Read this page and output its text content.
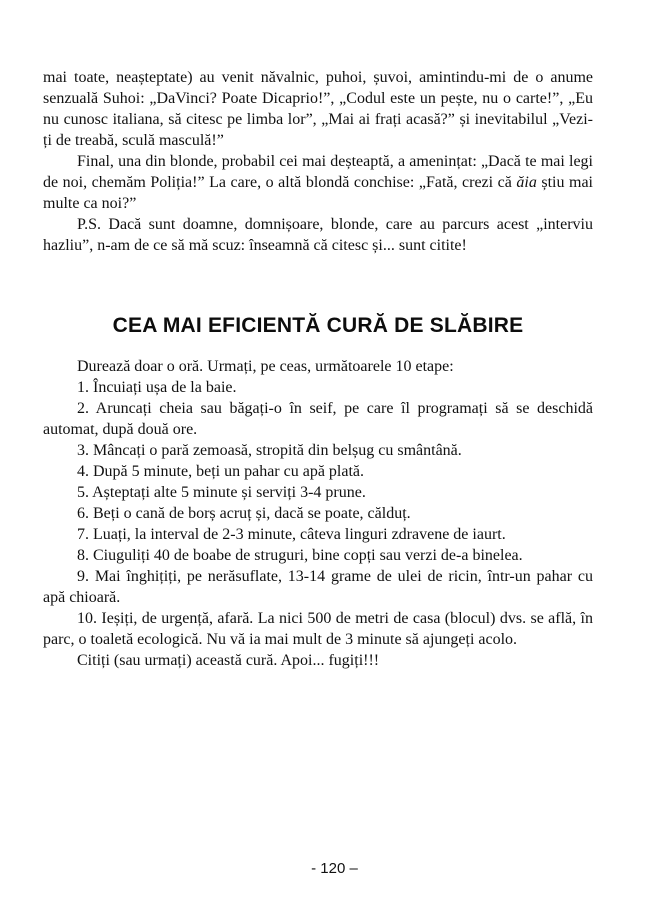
mai toate, neașteptate) au venit năvalnic, puhoi, șuvoi, amintindu-mi de o anume senzuală Suhoi: „DaVinci? Poate Dicaprio!”, „Codul este un pește, nu o carte!”, „Eu nu cunosc italiana, să citesc pe limba lor”, „Mai ai frați acasă?” și inevitabilul „Vezi-ți de treabă, sculă masculă!”

Final, una din blonde, probabil cei mai deșteaptă, a amenințat: „Dacă te mai legi de noi, chemăm Poliția!” La care, o altă blondă conchise: „Fată, crezi că ăia știu mai multe ca noi?”

P.S. Dacă sunt doamne, domnișoare, blonde, care au parcurs acest „interviu hazliu”, n-am de ce să mă scuz: înseamnă că citesc și... sunt citite!

CEA MAI EFICIENTĂ CURĂ DE SLĂBIRE

Durează doar o oră. Urmați, pe ceas, următoarele 10 etape:

1. Încuiați ușa de la baie.

2. Aruncați cheia sau băgați-o în seif, pe care îl programați să se deschidă automat, după două ore.

3. Mâncați o pară zemoasă, stropită din belșug cu smântână.

4. După 5 minute, beți un pahar cu apă plată.

5. Așteptați alte 5 minute și serviți 3-4 prune.

6. Beți o cană de borș acruț și, dacă se poate, călduț.

7. Luați, la interval de 2-3 minute, câteva linguri zdravene de iaurt.

8. Ciuguliți 40 de boabe de struguri, bine copți sau verzi de-a binelea.

9. Mai înghițiți, pe nerăsuflate, 13-14 grame de ulei de ricin, într-un pahar cu apă chioară.

10. Ieșiți, de urgență, afară. La nici 500 de metri de casa (blocul) dvs. se află, în parc, o toaletă ecologică. Nu vă ia mai mult de 3 minute să ajungeți acolo.

Citiți (sau urmați) această cură. Apoi... fugiți!!!

- 120 –
